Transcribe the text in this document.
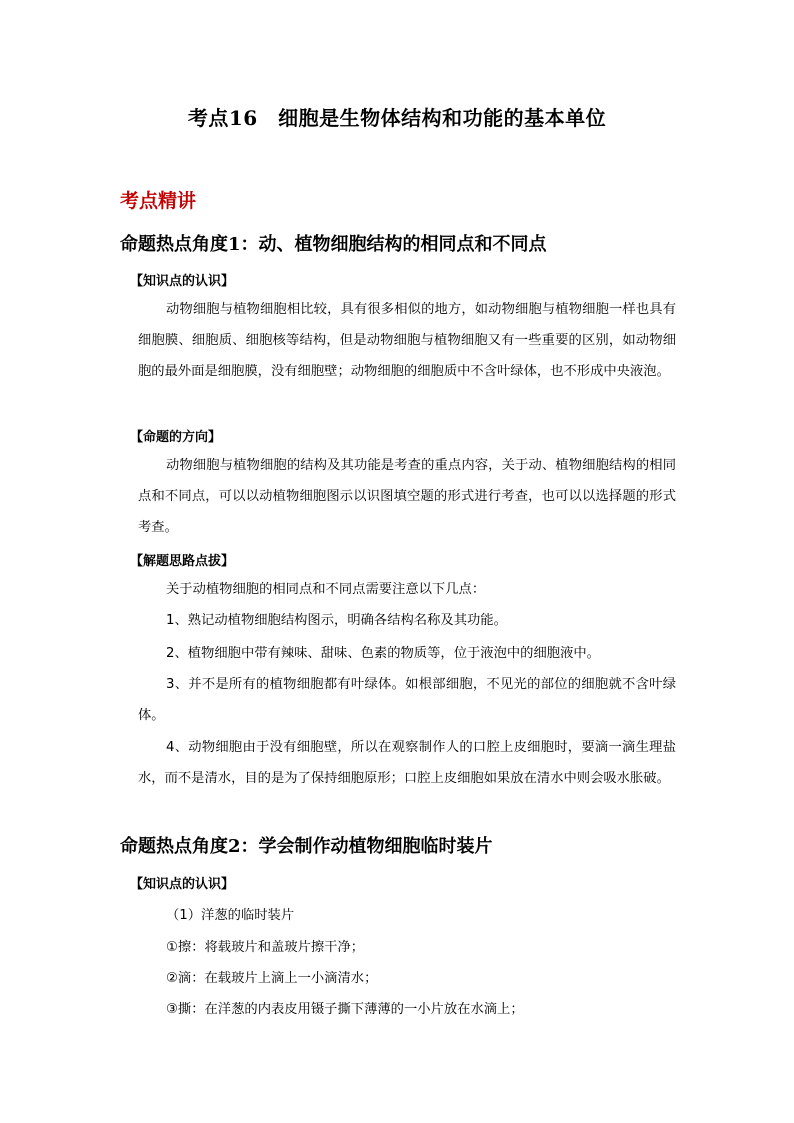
考点16　细胞是生物体结构和功能的基本单位
考点精讲
命题热点角度1：动、植物细胞结构的相同点和不同点
【知识点的认识】

动物细胞与植物细胞相比较，具有很多相似的地方，如动物细胞与植物细胞一样也具有细胞膜、细胞质、细胞核等结构，但是动物细胞与植物细胞又有一些重要的区别，如动物细胞的最外面是细胞膜，没有细胞壁；动物细胞的细胞质中不含叶绿体，也不形成中央液泡。

【命题的方向】

动物细胞与植物细胞的结构及其功能是考查的重点内容，关于动、植物细胞结构的相同点和不同点，可以以动植物细胞图示以识图填空题的形式进行考查，也可以以选择题的形式考查。

【解题思路点拔】

关于动植物细胞的相同点和不同点需要注意以下几点：

1、熟记动植物细胞结构图示，明确各结构名称及其功能。

2、植物细胞中带有辣味、甜味、色素的物质等，位于液泡中的细胞液中。

3、并不是所有的植物细胞都有叶绿体。如根部细胞，不见光的部位的细胞就不含叶绿体。

4、动物细胞由于没有细胞壁，所以在观察制作人的口腔上皮细胞时，要滴一滴生理盐水，而不是清水，目的是为了保持细胞原形；口腔上皮细胞如果放在清水中则会吸水胀破。

命题热点角度2：学会制作动植物细胞临时装片
【知识点的认识】
（1）洋葱的临时装片
①擦：将载玻片和盖玻片擦干净；
②滴：在载玻片上滴上一小滴清水；
③撕：在洋葱的内表皮用镊子撕下薄薄的一小片放在水滴上；
